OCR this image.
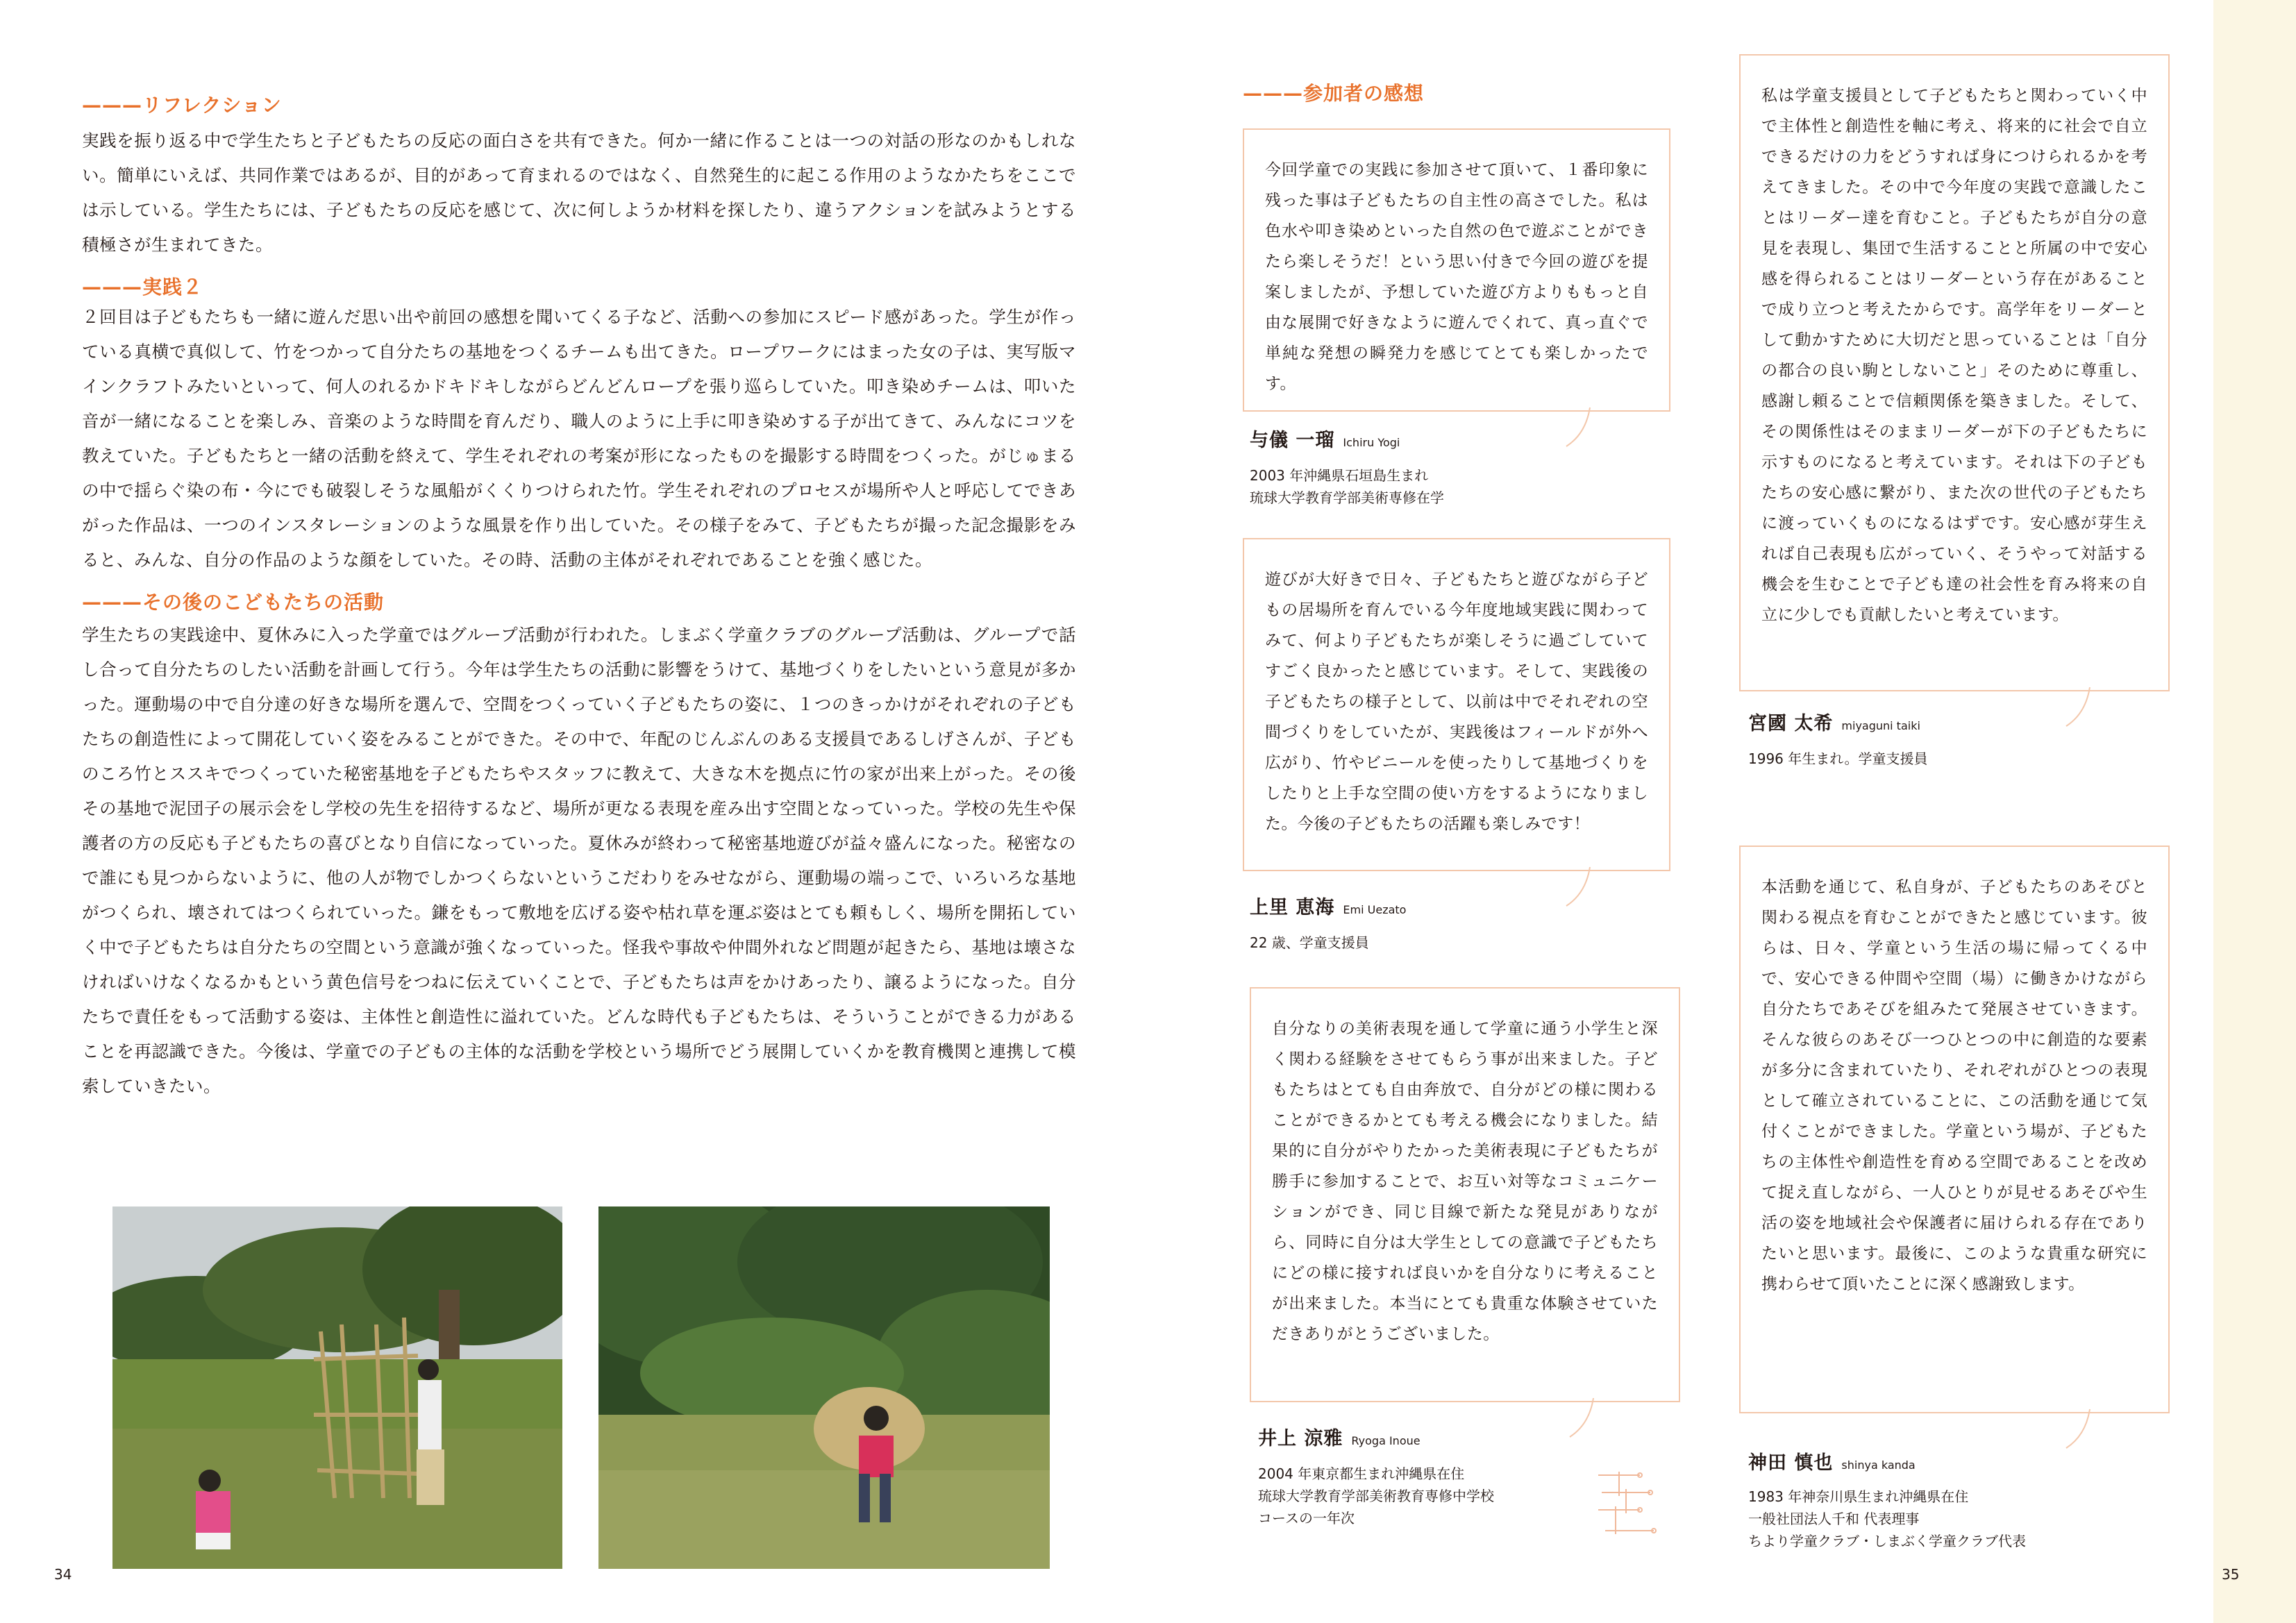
———リフレクション

実践を振り返る中で学生たちと子どもたちの反応の面白さを共有できた。何か一緒に作ることは一つの対話の形なのかもしれない。簡単にいえば、共同作業ではあるが、目的があって育まれるのではなく、自然発生的に起こる作用のようなかたちをここでは示している。学生たちには、子どもたちの反応を感じて、次に何しようか材料を探したり、違うアクションを試みようとする積極さが生まれてきた。

———実践２

２回目は子どもたちも一緒に遊んだ思い出や前回の感想を聞いてくる子など、活動への参加にスピード感があった。学生が作っている真横で真似して、竹をつかって自分たちの基地をつくるチームも出てきた。ロープワークにはまった女の子は、実写版マインクラフトみたいといって、何人のれるかドキドキしながらどんどんロープを張り巡らしていた。叩き染めチームは、叩いた音が一緒になることを楽しみ、音楽のような時間を育んだり、職人のように上手に叩き染めする子が出てきて、みんなにコツを教えていた。子どもたちと一緒の活動を終えて、学生それぞれの考案が形になったものを撮影する時間をつくった。がじゅまるの中で揺らぐ染の布・今にでも破裂しそうな風船がくくりつけられた竹。学生それぞれのプロセスが場所や人と呼応してできあがった作品は、一つのインスタレーションのような風景を作り出していた。その様子をみて、子どもたちが撮った記念撮影をみると、みんな、自分の作品のような顔をしていた。その時、活動の主体がそれぞれであることを強く感じた。

———その後のこどもたちの活動

学生たちの実践途中、夏休みに入った学童ではグループ活動が行われた。しまぶく学童クラブのグループ活動は、グループで話し合って自分たちのしたい活動を計画して行う。今年は学生たちの活動に影響をうけて、基地づくりをしたいという意見が多かった。運動場の中で自分達の好きな場所を選んで、空間をつくっていく子どもたちの姿に、１つのきっかけがそれぞれの子どもたちの創造性によって開花していく姿をみることができた。その中で、年配のじんぶんのある支援員であるしげさんが、子どものころ竹とススキでつくっていた秘密基地を子どもたちやスタッフに教えて、大きな木を拠点に竹の家が出来上がった。その後その基地で泥団子の展示会をし学校の先生を招待するなど、場所が更なる表現を産み出す空間となっていった。学校の先生や保護者の方の反応も子どもたちの喜びとなり自信になっていった。夏休みが終わって秘密基地遊びが益々盛んになった。秘密なので誰にも見つからないように、他の人が物でしかつくらないというこだわりをみせながら、運動場の端っこで、いろいろな基地がつくられ、壊されてはつくられていった。鎌をもって敷地を広げる姿や枯れ草を運ぶ姿はとても頼もしく、場所を開拓していく中で子どもたちは自分たちの空間という意識が強くなっていった。怪我や事故や仲間外れなど問題が起きたら、基地は壊さなければいけなくなるかもという黄色信号をつねに伝えていくことで、子どもたちは声をかけあったり、譲るようになった。自分たちで責任をもって活動する姿は、主体性と創造性に溢れていた。どんな時代も子どもたちは、そういうことができる力があることを再認識できた。今後は、学童での子どもの主体的な活動を学校という場所でどう展開していくかを教育機関と連携して模索していきたい。

34
———参加者の感想

今回学童での実践に参加させて頂いて、１番印象に残った事は子どもたちの自主性の高さでした。私は色水や叩き染めといった自然の色で遊ぶことができたら楽しそうだ！という思い付きで今回の遊びを提案しましたが、予想していた遊び方よりももっと自由な展開で好きなように遊んでくれて、真っ直ぐで単純な発想の瞬発力を感じてとても楽しかったです。

与儀 一瑠 Ichiru Yogi
2003 年沖縄県石垣島生まれ
琉球大学教育学部美術専修在学

遊びが大好きで日々、子どもたちと遊びながら子どもの居場所を育んでいる今年度地域実践に関わってみて、何より子どもたちが楽しそうに過ごしていてすごく良かったと感じています。そして、実践後の子どもたちの様子として、以前は中でそれぞれの空間づくりをしていたが、実践後はフィールドが外へ広がり、竹やビニールを使ったりして基地づくりをしたりと上手な空間の使い方をするようになりました。今後の子どもたちの活躍も楽しみです！

上里 恵海 Emi Uezato
22 歳、学童支援員

自分なりの美術表現を通して学童に通う小学生と深く関わる経験をさせてもらう事が出来ました。子どもたちはとても自由奔放で、自分がどの様に関わることができるかとても考える機会になりました。結果的に自分がやりたかった美術表現に子どもたちが勝手に参加することで、お互い対等なコミュニケーションができ、同じ目線で新たな発見がありながら、同時に自分は大学生としての意識で子どもたちにどの様に接すれば良いかを自分なりに考えることが出来ました。本当にとても貴重な体験させていただきありがとうございました。

井上 涼雅 Ryoga Inoue
2004 年東京都生まれ沖縄県在住
琉球大学教育学部美術教育専修中学校
コースの一年次

私は学童支援員として子どもたちと関わっていく中で主体性と創造性を軸に考え、将来的に社会で自立できるだけの力をどうすれば身につけられるかを考えてきました。その中で今年度の実践で意識したことはリーダー達を育むこと。子どもたちが自分の意見を表現し、集団で生活することと所属の中で安心感を得られることはリーダーという存在があることで成り立つと考えたからです。高学年をリーダーとして動かすために大切だと思っていることは「自分の都合の良い駒としないこと」そのために尊重し、感謝し頼ることで信頼関係を築きました。そして、その関係性はそのままリーダーが下の子どもたちに示すものになると考えています。それは下の子どもたちの安心感に繋がり、また次の世代の子どもたちに渡っていくものになるはずです。安心感が芽生えれば自己表現も広がっていく、そうやって対話する機会を生むことで子ども達の社会性を育み将来の自立に少しでも貢献したいと考えています。

宮國 太希 miyaguni taiki
1996 年生まれ。学童支援員

本活動を通じて、私自身が、子どもたちのあそびと関わる視点を育むことができたと感じています。彼らは、日々、学童という生活の場に帰ってくる中で、安心できる仲間や空間（場）に働きかけながら自分たちであそびを組みたて発展させていきます。そんな彼らのあそび一つひとつの中に創造的な要素が多分に含まれていたり、それぞれがひとつの表現として確立されていることに、この活動を通じて気付くことができました。学童という場が、子どもたちの主体性や創造性を育める空間であることを改めて捉え直しながら、一人ひとりが見せるあそびや生活の姿を地域社会や保護者に届けられる存在でありたいと思います。最後に、このような貴重な研究に携わらせて頂いたことに深く感謝致します。

神田 慎也 shinya kanda
1983 年神奈川県生まれ沖縄県在住
一般社団法人千和 代表理事
ちより学童クラブ・しまぶく学童クラブ代表
35
